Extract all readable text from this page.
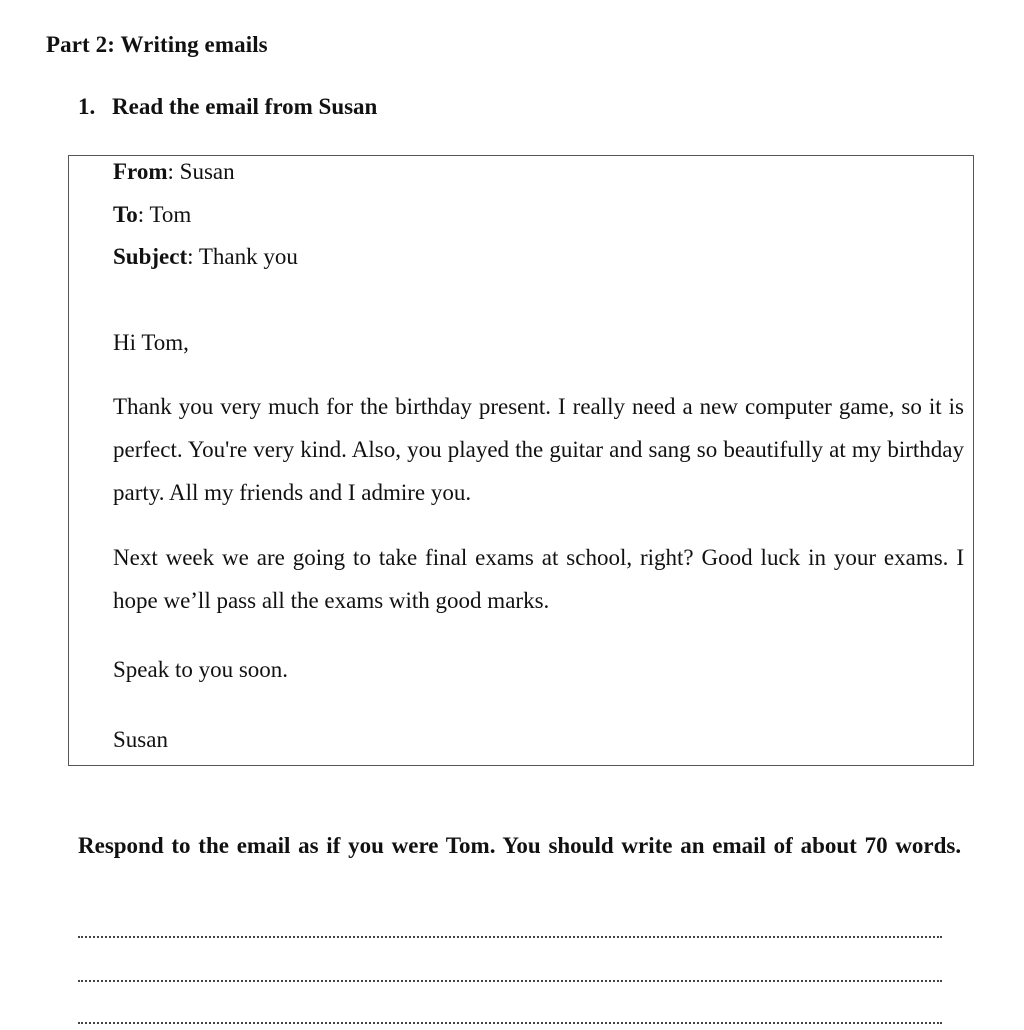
Part 2: Writing emails
1. Read the email from Susan
From: Susan
To: Tom
Subject: Thank you
Hi Tom,
Thank you very much for the birthday present. I really need a new computer game, so it is perfect. You're very kind. Also, you played the guitar and sang so beautifully at my birthday party. All my friends and I admire you.
Next week we are going to take final exams at school, right? Good luck in your exams. I hope we’ll pass all the exams with good marks.
Speak to you soon.
Susan
Respond to the email as if you were Tom. You should write an email of about 70 words.
